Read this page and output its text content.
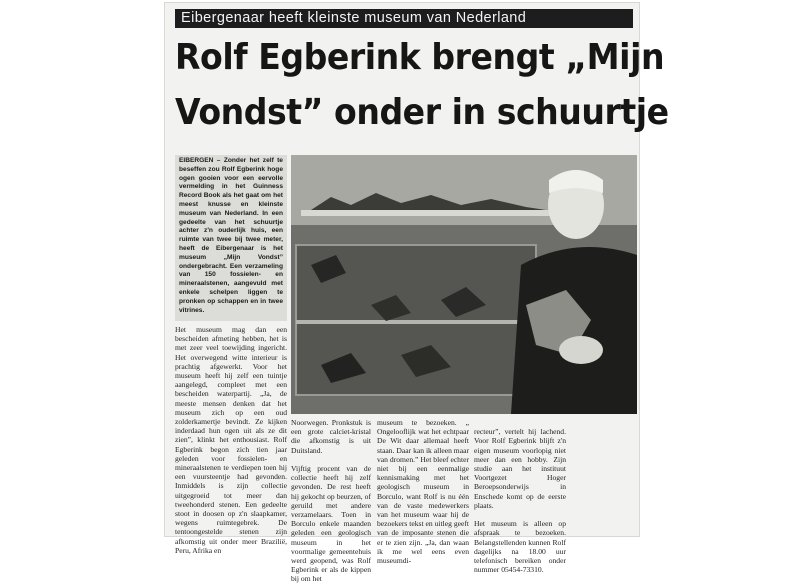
Eibergenaar heeft kleinste museum van Nederland
Rolf Egberink brengt „Mijn
Vondst” onder in schuurtje
EIBERGEN – Zonder het zelf te beseffen zou Rolf Egberink hoge ogen gooien voor een eervolle vermelding in het Guinness Record Book als het gaat om het meest knusse en kleinste museum van Nederland. In een gedeelte van het schuurtje achter z'n ouderlijk huis, een ruimte van twee bij twee meter, heeft de Eibergenaar is het museum „Mijn Vondst” ondergebracht. Een verzameling van 150 fossielen- en mineraalstenen, aangevuld met enkele schelpen liggen te pronken op schappen en in twee vitrines.
Het museum mag dan een bescheiden afmeting hebben, het is met zeer veel toewijding ingericht. Het overwegend witte interieur is prachtig afgewerkt. Voor het museum heeft hij zelf een tuintje aangelegd, compleet met een bescheiden waterpartij. „Ja, de meeste mensen denken dat het museum zich op een oud zolderkamertje bevindt. Ze kijken inderdaad hun ogen uit als ze dit zien”, klinkt het enthousiast. Rolf Egberink begon zich tien jaar geleden voor fossielen- en mineraalstenen te verdiepen toen hij een vuursteentje had gevonden. Inmiddels is zijn collectie uitgegroeid tot meer dan tweehonderd stenen. Een gedeelte stoot in doosen op z'n slaapkamer, wegens ruimtegebrek. De tentoongestelde stenen zijn afkomstig uit onder meer Brazilië, Peru, Afrika en
Noorwegen. Pronkstuk is een grote calciet-kristal die afkomstig is uit Duitsland.

Vijftig procent van de collectie heeft hij zelf gevonden. De rest heeft hij gekocht op beurzen, of geruild met andere verzamelaars. Toen in Borculo enkele maanden geleden een geologisch museum in het voormalige gemeentehuis werd geopend, was Rolf Egberink er als de kippen bij om het
museum te bezoeken. „ Ongelooflijk wat het echtpaar De Wit daar allemaal heeft staan. Daar kan ik alleen maar van dromen.” Het bleef echter niet bij een eenmalige kennismaking met het geologisch museum in Borculo, want Rolf is nu één van de vaste medewerkers van het museum waar hij de bezoekers tekst en uitleg geeft van de imposante stenen die er te zien zijn. „Ja, dan waan ik me wel eens even museumdi-

recteur”, vertelt hij lachend. Voor Rolf Egberink blijft z'n eigen museum voorlopig niet meer dan een hobby. Zijn studie aan het instituut Voortgezet Hoger Beroepsonderwijs in Enschede komt op de eerste plaats.

Het museum is alleen op afspraak te bezoeken. Belangstellenden kunnen Rolf dagelijks na 18.00 uur telefonisch bereiken onder nummer 05454-73310.
